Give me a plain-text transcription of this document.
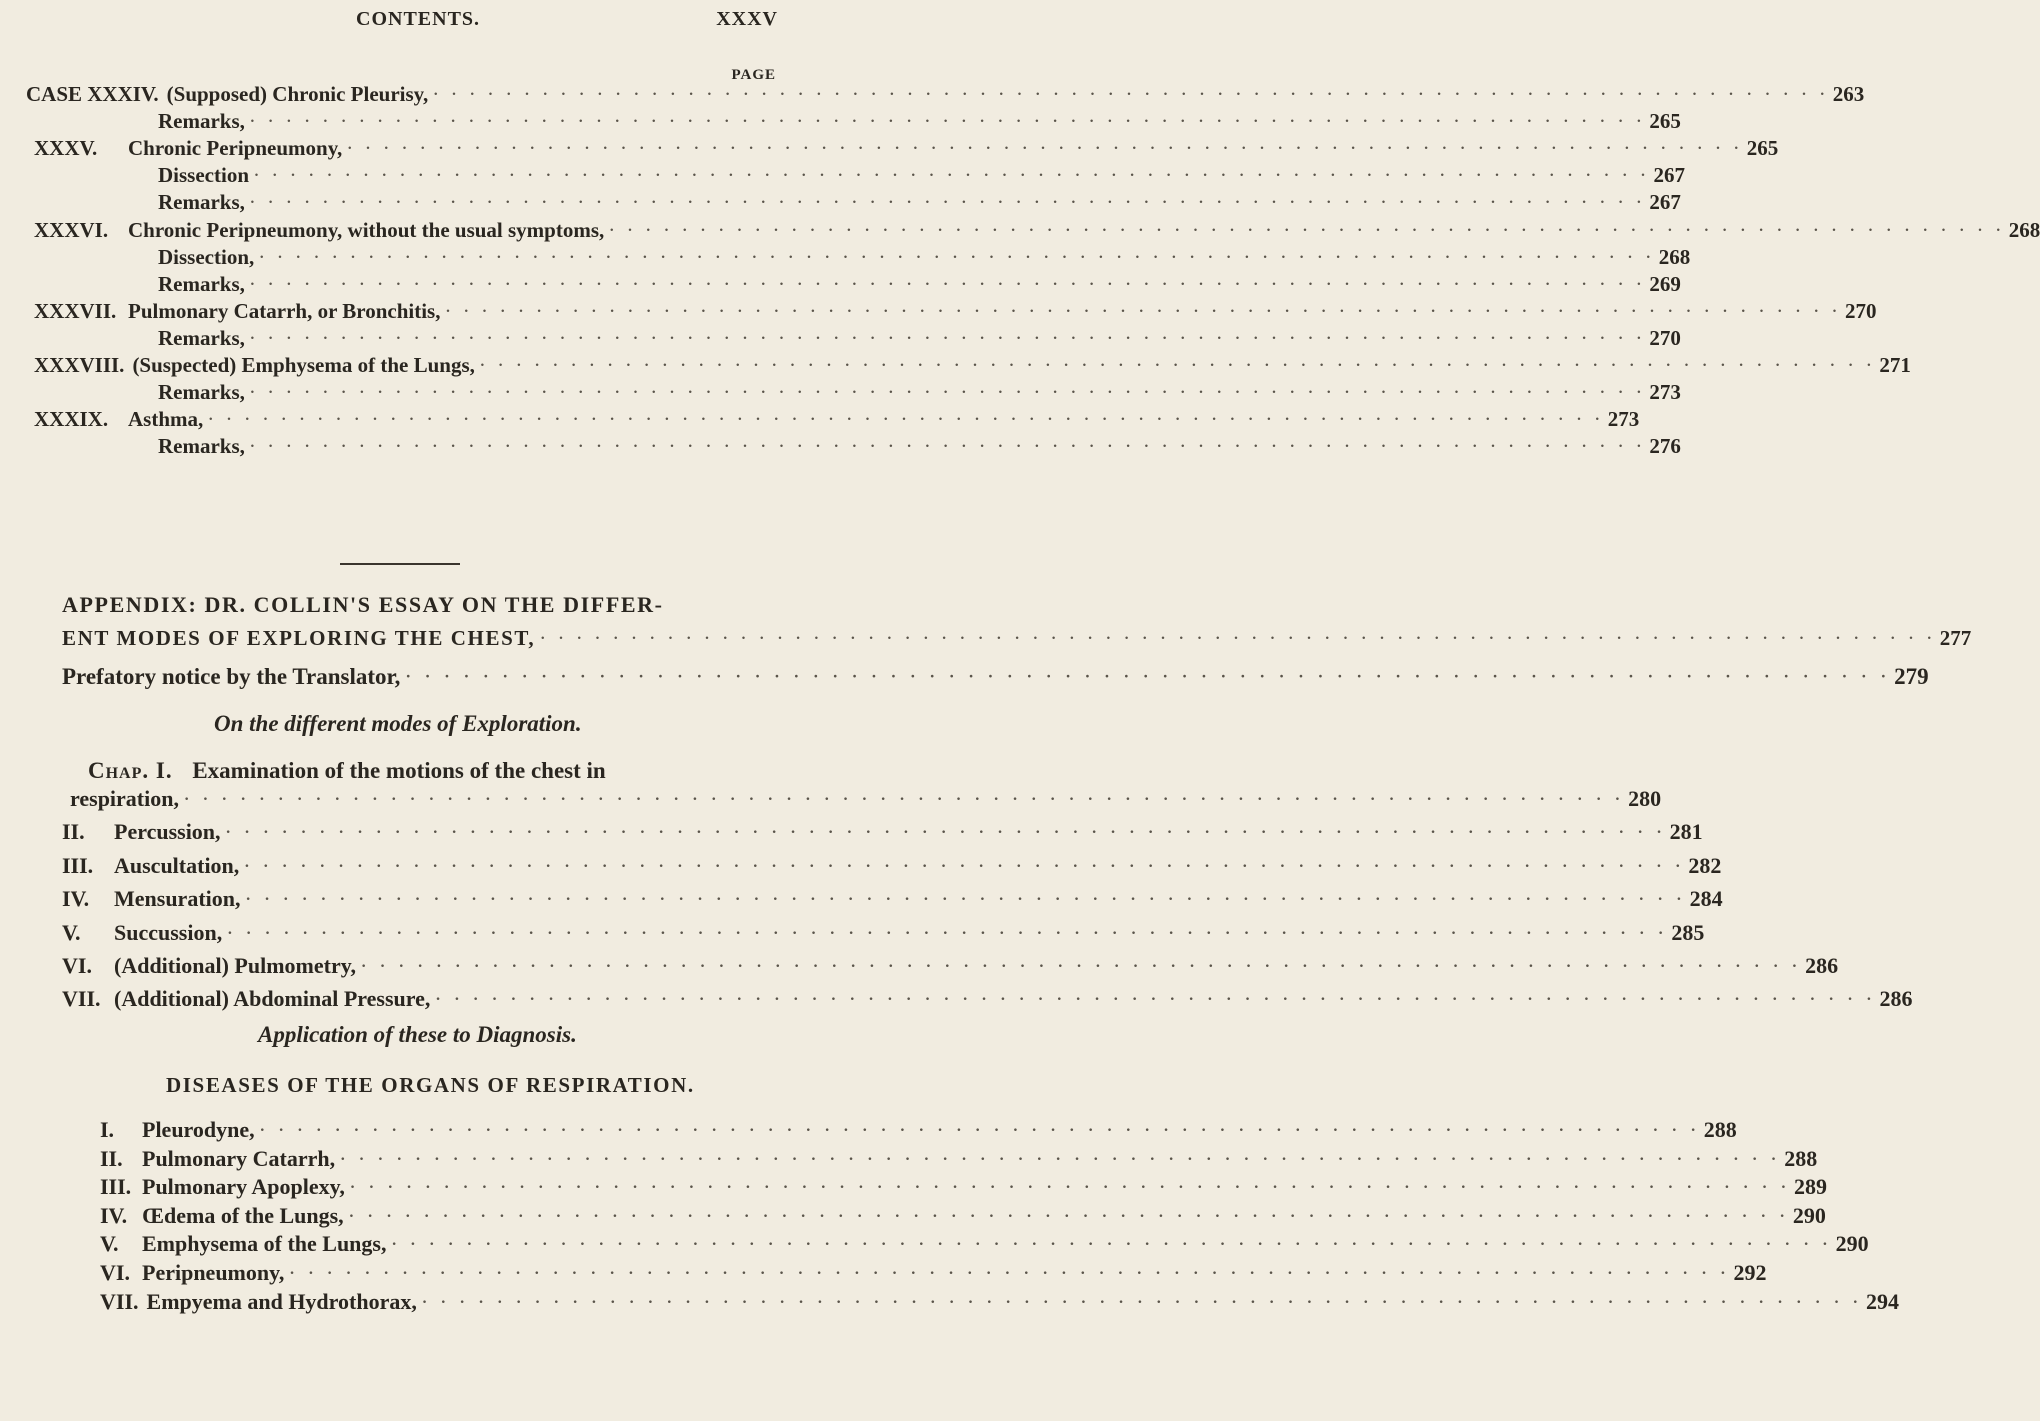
CONTENTS.	XXXV
PAGE
CASE XXXIV. (Supposed) Chronic Pleurisy, · · ·	263
Remarks, · · ·	265
XXXV.	Chronic Peripneumony, · · ·	265
Dissection · · ·	267
Remarks, · · ·	267
XXXVI. Chronic Peripneumony, without the usual symptoms, · · ·	268
Dissection, · · ·	268
Remarks, · · ·	269
XXXVII. Pulmonary Catarrh, or Bronchitis, · · ·	270
Remarks, · · ·	270
XXXVIII. (Suspected) Emphysema of the Lungs, · · ·	271
Remarks, · · ·	273
XXXIX. Asthma, · · ·	273
Remarks, · · ·	276
APPENDIX: DR. COLLIN'S ESSAY ON THE DIFFER-
ENT MODES OF EXPLORING THE CHEST, · · ·	277
Prefatory notice by the Translator, · · ·	279
On the different modes of Exploration.
Chap. I. Examination of the motions of the chest in
respiration, · · ·	280
II.	Percussion, · · ·	281
III. Auscultation, · · ·	282
IV.	Mensuration, · · ·	284
V.	Succussion, · · ·	285
VI.	(Additional) Pulmometry, · · ·	286
VII. (Additional) Abdominal Pressure, · · ·	286
Application of these to Diagnosis.
DISEASES OF THE ORGANS OF RESPIRATION.
I.	Pleurodyne, · · ·	288
II. Pulmonary Catarrh, · · ·	288
III. Pulmonary Apoplexy, · · ·	289
IV. Œdema of the Lungs, · · ·	290
V.	Emphysema of the Lungs, · · ·	290
VI. Peripneumony, · · ·	292
VII. Empyema and Hydrothorax, · · ·	294
